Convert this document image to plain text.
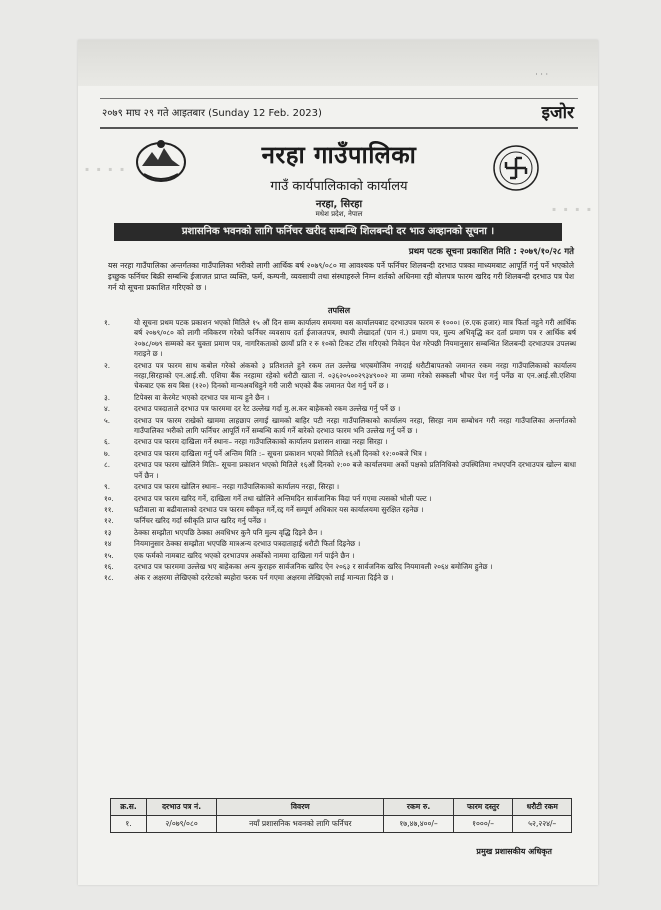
· · ·
· · · ·
· · · ·
२०७९ माघ २९ गते आइतबार (Sunday 12 Feb. 2023)	इजोर
नरहा गाउँपालिका
गाउँ कार्यपालिकाको कार्यालय
नरहा, सिरहा
मधेश प्रदेश, नेपाल
प्रशासनिक भवनको लागि फर्निचर खरीद सम्बन्धि शिलबन्दी दर भाउ अव्हानको सूचना ।
प्रथम पटक सूचना प्रकाशित मिति : २०७९/१०/२८ गते
यस नरहा गाउँपालिका अन्तर्गतका गाउँपालिका भरीको लागी आर्थिक बर्ष २०७९/०८० मा आवश्यक पर्ने फर्निचर शिलबन्दी दरभाउ पत्रका माध्यमबाट आपूर्ति गर्नु पर्ने भएकोले इच्छुक फर्निचर बिक्री सम्बन्धि ईजाजत प्राप्त व्यक्ति, फर्म, कम्पनी, व्यवसायी तथा संस्थाहरुले निम्न शर्तको अधिनमा रही बोलपत्र फारम खरिद गरी शिलबन्दी दरभाउ पत्र पेश गर्न यो सूचना प्रकाशित गरिएको छ ।
तपसिल
१.	यो सूचना प्रथम पटक प्रकाशन भएको मितिले १५ औं दिन सम्म कार्यालय समयमा यस कार्यालयबाट दरभाउपत्र फारम रु १०००। (रु.एक हजार) मात्र फिर्ता नहुने गरी आर्थिक बर्ष २०७९/०८० को लागी नविकरण गरेको फर्निचर व्यवसाय दर्ता ईजाजतपत्र, स्थायी लेखादर्ता (पान नं.) प्रमाण पत्र, मुल्य अभिवृद्धि कर दर्ता प्रमाण पत्र र आर्थिक बर्ष २०७८/०७९ सम्मको कर चुक्ता प्रमाण पत्र, नागरिकताको छायाँ प्रति र रु १०को टिकट टाँस गरिएको निवेदन पेश गरेपछी नियमानुसार सम्बन्धित शिलबन्दी दरभाउपत्र उपलब्ध गराइने छ ।
२.	दरभाउ पत्र फारम साथ कबोल गरेको अंकको ३ प्रतिशतले हुने रकम तल उल्लेख भएबमोजिम नगदाई धरौटीबापतको जमानत रकम नरहा गाउँपालिकाको कार्यालय नरहा,सिरहाको एन.आई.सी. एशिया बैंक नरहामा रहेको धरौटी खाता नं. ०३६२०५००२९३४९००२ मा जम्मा गरेको सक्कली भौचर पेश गर्नु पर्नेछ वा एन.आई.सी.एशिया चेकबाट एक सय बिस (१२०) दिनको मान्यअवधिहुने गरी जारी भएको बैंक जमानत पेश गर्नु पर्ने छ ।
३.	टिपेक्स वा केरमेट भएको दरभाउ पत्र मान्य हुने छैन ।
४.	दरभाउ पत्रदाताले दरभाउ पत्र फारममा दर रेट उल्लेख गर्दा मु.अ.कर बाहेकको रकम उल्लेख गर्नु पर्ने छ ।
५.	दरभाउ पत्र फारम राखेको खाममा लाहछाप लगाई खामको बाहिर पटी नरहा गाउँपालिकाको कार्यालय नरहा, सिरहा नाम सम्बोधन गरी नरहा गाउँपालिका अन्तर्गतको गाउँपालिका भरीको लागि फर्निचर आपूर्ति गर्ने सम्बन्धि कार्य गर्ने बारेको दरभाउ फारम भनि उल्लेख गर्नु पर्ने छ ।
६.	दरभाउ पत्र फारम दाखिला गर्ने स्थानः– नरहा गाउँपालिकाको कार्यालय प्रशासन शाखा नरहा सिरहा ।
७.	दरभाउ पत्र फारम दाखिला गर्नु पर्ने अन्तिम मिति :– सूचना प्रकाशन भएको मितिले १६औं दिनको १२:००बजे भित्र ।
८.	दरभाउ पत्र फारम खोलिने मितिः– सूचना प्रकाशन भएको मितिले १६औं दिनको २:०० बजे कार्यालयमा अर्को पक्षको प्रतिनिधिको उपस्थितिमा नभएपनि दरभाउपत्र खोल्न बाधा पर्ने छैन ।
९.	दरभाउ पत्र फारम खोलिन स्थानः– नरहा गाउँपालिकाको कार्यालय नरहा, सिरहा ।
१०.	दरभाउ पत्र फारम खरिद गर्ने, दाखिला गर्ने तथा खोलिने अन्तिमदिन सार्वजानिक विदा पर्न गएमा त्यसको भोली पल्ट ।
११.	घटीवाला वा बढीवालाको दरभाउ पत्र फारम स्वीकृत गर्ने,रद्द गर्ने सम्पूर्ण अधिकार यस कार्यालयमा सुरक्षित रहनेछ ।
१२.	फर्निचर खरिद गर्दा स्वीकृति प्राप्त खरिद गर्नु पर्नेछ ।
१३	ठेक्का सम्झौता भएपछि ठेक्का अवधिभर कुनै पनि मुल्य वृद्धि दिइने छैन ।
१४	नियमानुसार ठेक्का सम्झौता भएपछि मात्रअन्य दरभाउ पत्रदाताहाई धरौटी फिर्ता दिइनेछ ।
१५.	एक फर्मको नामबाट खरिद भएको दरभाउपत्र अर्कोको नाममा दाखिला गर्न पाईने छैन ।
१६.	दरभाउ पत्र फारममा उल्लेख भए बाहेकका अन्य कुराहरु सार्वजनिक खरिद ऐन २०६३ र सार्वजनिक खरिद नियमावली २०६४ बमोजिम हुनेछ ।
१८.	अंक र अक्षरमा लेखिएको दररेटको ब्यहोरा फरक पर्न गएमा अक्षरमा लेखिएको लाई मान्यता दिईने छ ।
क्र.स.	दरभाउ पत्र नं.	विवरण	रकम रु.	फारम दस्तुर	धरौटी रकम
१.	२/०७९/०८०	नयाँ प्रशासनिक भवनको लागि फर्निचर	१७,४७,४००/–	१०००/–	५२,२२४/–
प्रमुख प्रशासकीय अधिकृत
